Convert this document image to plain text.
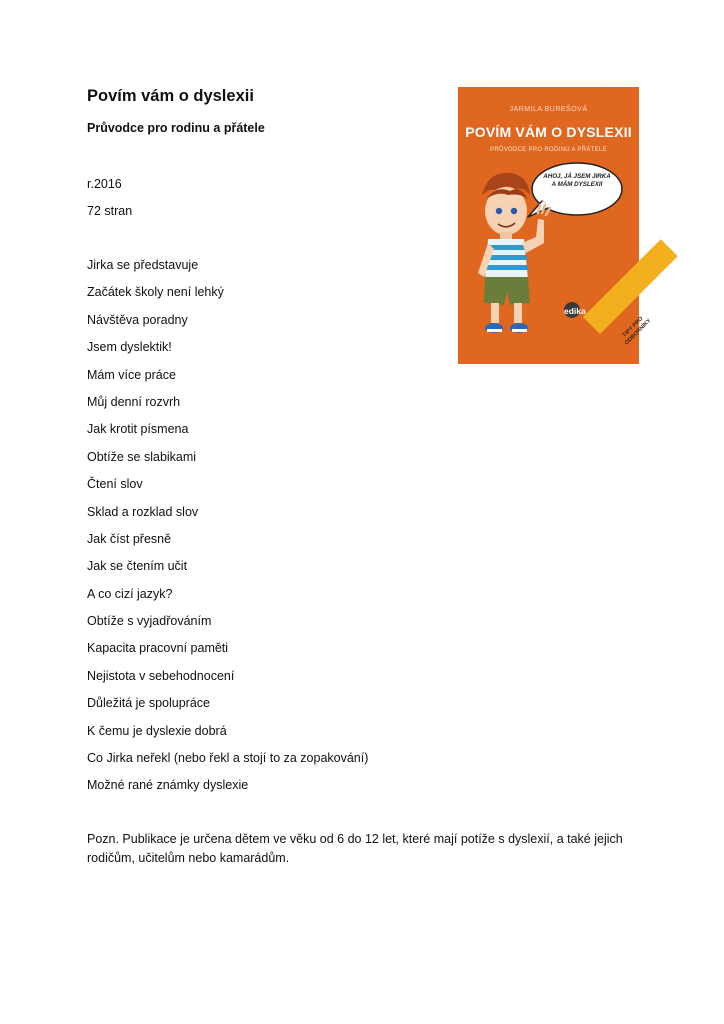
Povím vám o dyslexii
Průvodce pro rodinu a přátele
r.2016
72 stran
Jirka se představuje
Začátek školy není lehký
Návštěva poradny
Jsem dyslektik!
Mám více práce
Můj denní rozvrh
Jak krotit písmena
Obtíže se slabikami
Čtení slov
Sklad a rozklad slov
Jak číst přesně
Jak se čtením učit
A co cizí jazyk?
Obtíže s vyjadřováním
Kapacita pracovní paměti
Nejistota v sebehodnocení
Důležitá je spolupráce
K čemu je dyslexie dobrá
Co Jirka neřekl (nebo řekl a stojí to za zopakování)
Možné rané známky dyslexie
Pozn. Publikace je určena dětem ve věku od 6 do 12 let, které mají potíže s dyslexií, a také jejich rodičům, učitelům nebo kamarádům.
JARMILA BUREŠOVÁ
POVÍM VÁM O DYSLEXII
PRŮVODCE PRO RODINU A PŘÁTELE
AHOJ, JÁ JSEM JIRKA A MÁM DYSLEXII
edika
TIPY PRO ODBORNÍKY
